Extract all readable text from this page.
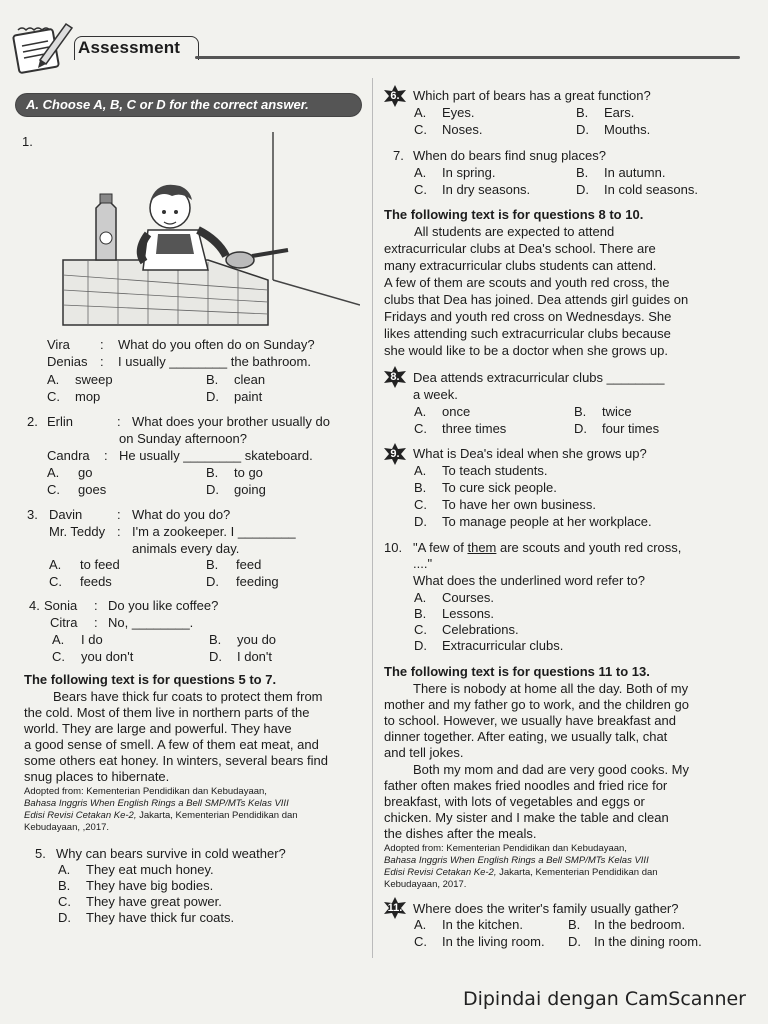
Assessment
A. Choose A, B, C or D for the correct answer.
1.
Vira : What do you often do on Sunday?
Denias : I usually ________ the bathroom.
A. sweep	B. clean
C. mop	D. paint
2. Erlin	: What does your brother usually do
on Sunday afternoon?
Candra : He usually ________ skateboard.
A. go	B. to go
C. goes	D. going
3. Davin	: What do you do?
Mr. Teddy : I'm a zookeeper. I ________
animals every day.
A. to feed	B. feed
C. feeds	D. feeding
4. Sonia : Do you like coffee?
Citra : No, ________.
A. I do	B. you do
C. you don't	D. I don't
The following text is for questions 5 to 7.
Bears have thick fur coats to protect them from
the cold. Most of them live in northern parts of the
world. They are large and powerful. They have
a good sense of smell. A few of them eat meat, and
some others eat honey. In winters, several bears find
snug places to hibernate.
Adopted from: Kementerian Pendidikan dan Kebudayaan,
Bahasa Inggris When English Rings a Bell SMP/MTs Kelas VIII
Edisi Revisi Cetakan Ke-2, Jakarta, Kementerian Pendidikan dan
Kebudayaan, ,2017.
5. Why can bears survive in cold weather?
A. They eat much honey.
B. They have big bodies.
C. They have great power.
D. They have thick fur coats.
6.	Which part of bears has a great function?
A. Eyes.	B. Ears.
C. Noses.	D. Mouths.
7. When do bears find snug places?
A. In spring.	B. In autumn.
C. In dry seasons.	D. In cold seasons.
The following text is for questions 8 to 10.
All students are expected to attend
extracurricular clubs at Dea's school. There are
many extracurricular clubs students can attend.
A few of them are scouts and youth red cross, the
clubs that Dea has joined. Dea attends girl guides on
Fridays and youth red cross on Wednesdays. She
likes attending such extracurricular clubs because
she would like to be a doctor when she grows up.
8.	Dea attends extracurricular clubs ________
a week.
A. once	B. twice
C. three times	D. four times
9.	What is Dea's ideal when she grows up?
A. To teach students.
B. To cure sick people.
C. To have her own business.
D. To manage people at her workplace.
10. "A few of them are scouts and youth red cross,
...."
What does the underlined word refer to?
A. Courses.
B. Lessons.
C. Celebrations.
D. Extracurricular clubs.
The following text is for questions 11 to 13.
There is nobody at home all the day. Both of my
mother and my father go to work, and the children go
to school. However, we usually have breakfast and
dinner together. After eating, we usually talk, chat
and tell jokes.
Both my mom and dad are very good cooks. My
father often makes fried noodles and fried rice for
breakfast, with lots of vegetables and eggs or
chicken. My sister and I make the table and clean
the dishes after the meals.
Adopted from: Kementerian Pendidikan dan Kebudayaan,
Bahasa Inggris When English Rings a Bell SMP/MTs Kelas VIII
Edisi Revisi Cetakan Ke-2, Jakarta, Kementerian Pendidikan dan
Kebudayaan, 2017.
11. Where does the writer's family usually gather?
A. In the kitchen.	B. In the bedroom.
C. In the living room. D. In the dining room.
Dipindai dengan CamScanner
